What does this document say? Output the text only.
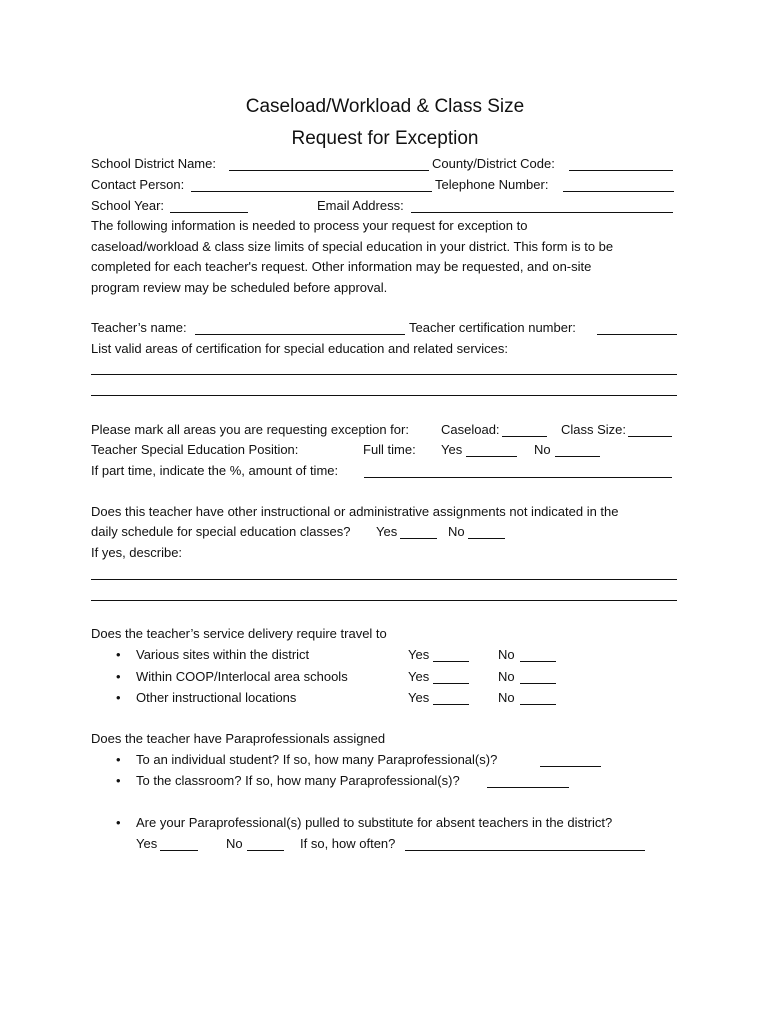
Caseload/Workload & Class Size
Request for Exception
School District Name:	County/District Code:
Contact Person:	Telephone Number:
School Year:	Email Address:
The following information is needed to process your request for exception to
caseload/workload & class size limits of special education in your district. This form is to be
completed for each teacher's request. Other information may be requested, and on-site
program review may be scheduled before approval.
Teacher’s name:	Teacher certification number:
List valid areas of certification for special education and related services:
Please mark all areas you are requesting exception for: Caseload:	Class Size:
Teacher Special Education Position:	Full time: Yes	No
If part time, indicate the %, amount of time:
Does this teacher have other instructional or administrative assignments not indicated in the
daily schedule for special education classes? Yes	No
If yes, describe:
Does the teacher’s service delivery require travel to
• Various sites within the district	Yes	No
• Within COOP/Interlocal area schools	Yes	No
• Other instructional locations	Yes	No
Does the teacher have Paraprofessionals assigned
• To an individual student? If so, how many Paraprofessional(s)?
• To the classroom? If so, how many Paraprofessional(s)?
• Are your Paraprofessional(s) pulled to substitute for absent teachers in the district?
Yes	No	If so, how often?
